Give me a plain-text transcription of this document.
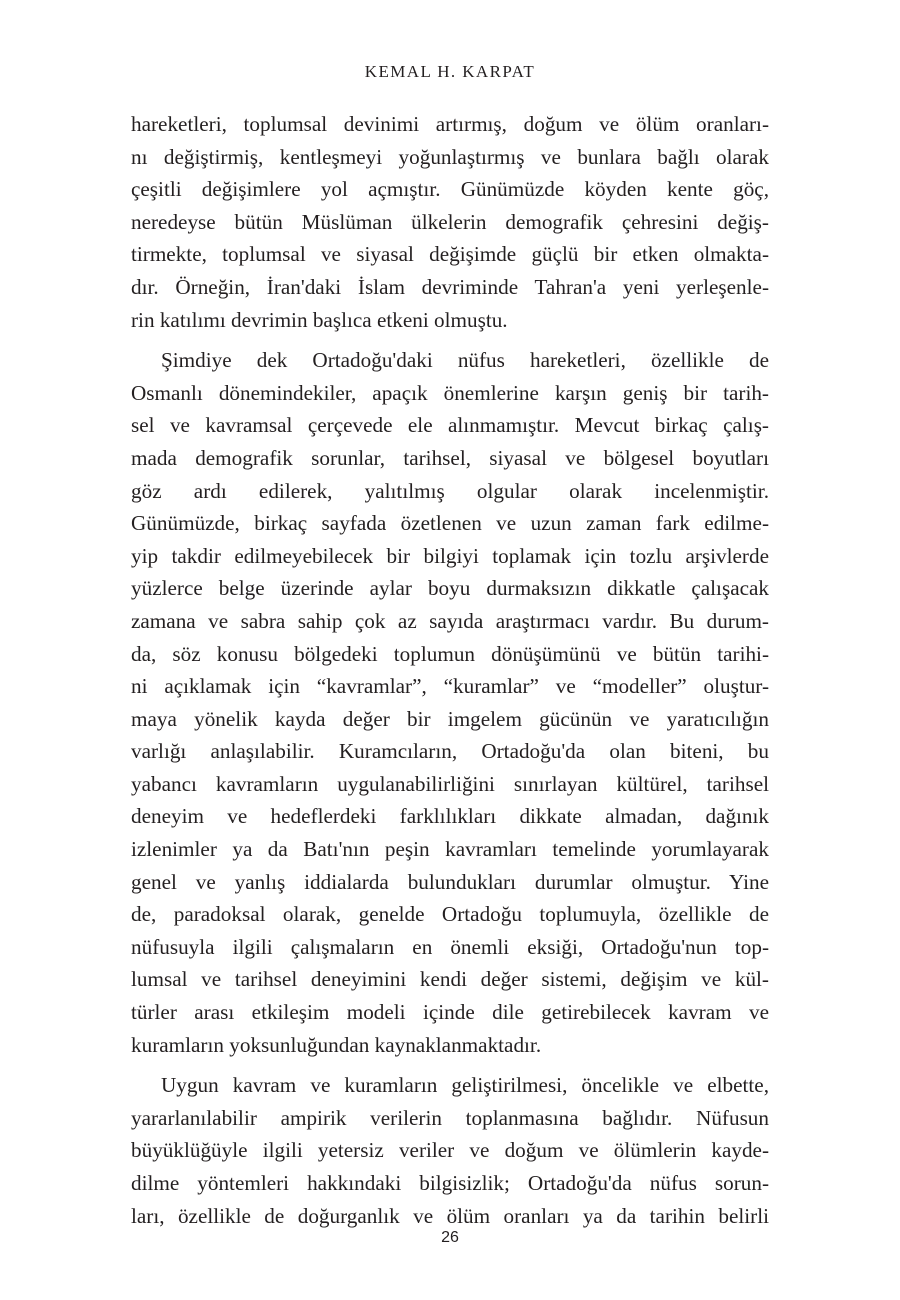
KEMAL H. KARPAT

hareketleri, toplumsal devinimi artırmış, doğum ve ölüm oranları-
nı değiştirmiş, kentleşmeyi yoğunlaştırmış ve bunlara bağlı olarak
çeşitli değişimlere yol açmıştır. Günümüzde köyden kente göç,
neredeyse bütün Müslüman ülkelerin demografik çehresini değiş-
tirmekte, toplumsal ve siyasal değişimde güçlü bir etken olmakta-
dır. Örneğin, İran'daki İslam devriminde Tahran'a yeni yerleşenle-
rin katılımı devrimin başlıca etkeni olmuştu.

Şimdiye dek Ortadoğu'daki nüfus hareketleri, özellikle de
Osmanlı dönemindekiler, apaçık önemlerine karşın geniş bir tarih-
sel ve kavramsal çerçevede ele alınmamıştır. Mevcut birkaç çalış-
mada demografik sorunlar, tarihsel, siyasal ve bölgesel boyutları
göz ardı edilerek, yalıtılmış olgular olarak incelenmiştir.
Günümüzde, birkaç sayfada özetlenen ve uzun zaman fark edilme-
yip takdir edilmeyebilecek bir bilgiyi toplamak için tozlu arşivlerde
yüzlerce belge üzerinde aylar boyu durmaksızın dikkatle çalışacak
zamana ve sabra sahip çok az sayıda araştırmacı vardır. Bu durum-
da, söz konusu bölgedeki toplumun dönüşümünü ve bütün tarihi-
ni açıklamak için “kavramlar”, “kuramlar” ve “modeller” oluştur-
maya yönelik kayda değer bir imgelem gücünün ve yaratıcılığın
varlığı anlaşılabilir. Kuramcıların, Ortadoğu'da olan biteni, bu
yabancı kavramların uygulanabilirliğini sınırlayan kültürel, tarihsel
deneyim ve hedeflerdeki farklılıkları dikkate almadan, dağınık
izlenimler ya da Batı'nın peşin kavramları temelinde yorumlayarak
genel ve yanlış iddialarda bulundukları durumlar olmuştur. Yine
de, paradoksal olarak, genelde Ortadoğu toplumuyla, özellikle de
nüfusuyla ilgili çalışmaların en önemli eksiği, Ortadoğu'nun top-
lumsal ve tarihsel deneyimini kendi değer sistemi, değişim ve kül-
türler arası etkileşim modeli içinde dile getirebilecek kavram ve
kuramların yoksunluğundan kaynaklanmaktadır.

Uygun kavram ve kuramların geliştirilmesi, öncelikle ve elbette,
yararlanılabilir ampirik verilerin toplanmasına bağlıdır. Nüfusun
büyüklüğüyle ilgili yetersiz veriler ve doğum ve ölümlerin kayde-
dilme yöntemleri hakkındaki bilgisizlik; Ortadoğu'da nüfus sorun-
ları, özellikle de doğurganlık ve ölüm oranları ya da tarihin belirli

26
